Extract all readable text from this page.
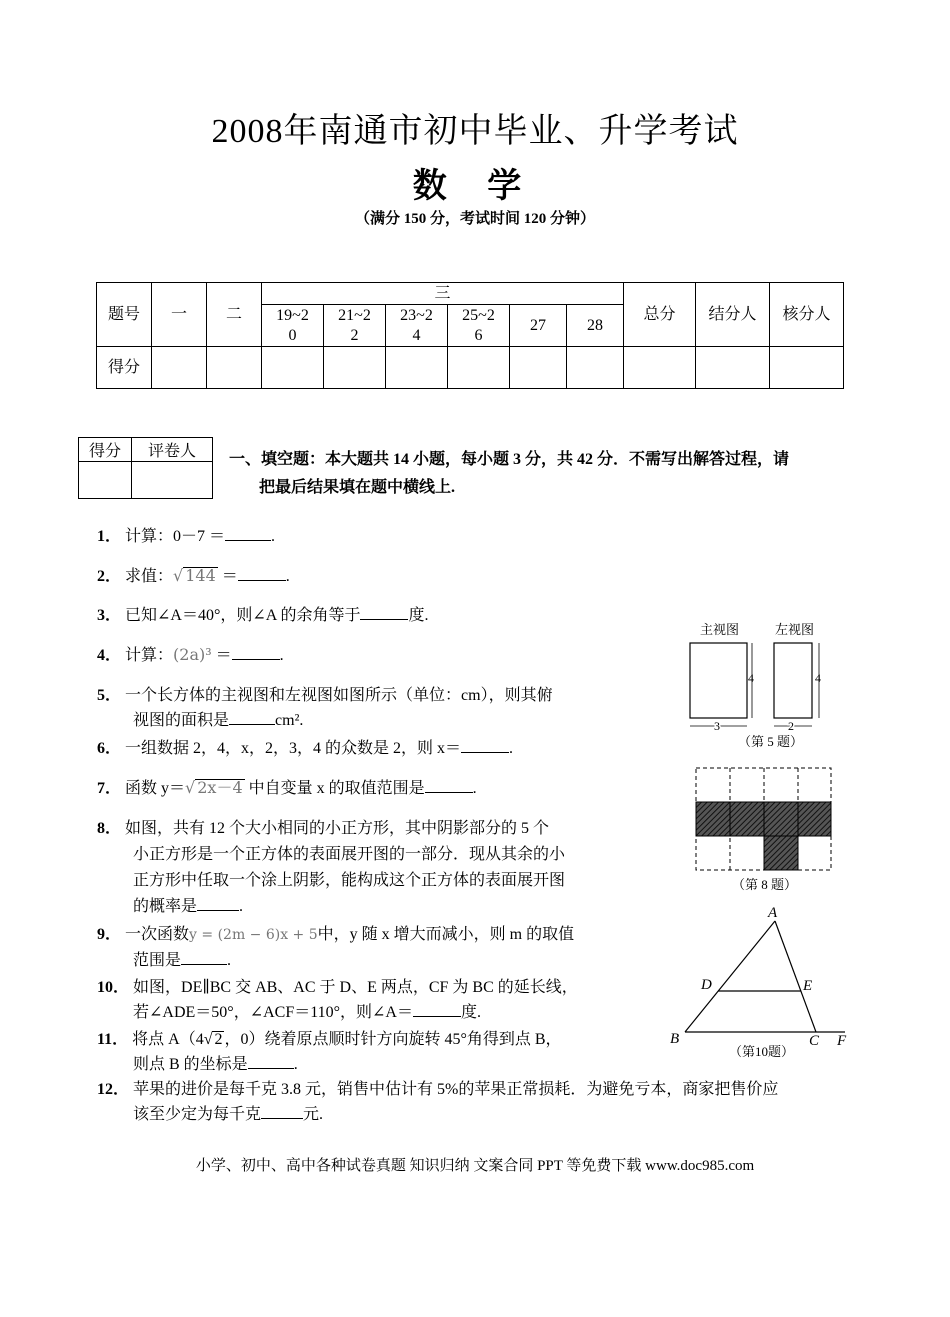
2008年南通市初中毕业、升学考试
数 学
（满分 150 分，考试时间 120 分钟）
题号	一	二	三						总分	结分人	核分人

			19~20	21~22	23~24	25~26	27	28			
得分											
得分	评卷人
	一、填空题：本大题共 14 小题，每小题 3 分，共 42 分．不需写出解答过程，请
把最后结果填在题中横线上.
1． 计算：0－7 ＝	.
2． 求值：√ 144 ＝	.
3． 已知∠A＝40°，则∠A 的余角等于	度.
4． 计算：(2a)³ ＝	.
5． 一个长方体的主视图和左视图如图所示（单位：cm），则其俯
视图的面积是	cm².
6． 一组数据 2，4，x，2，3，4 的众数是 2，则 x＝	.
7． 函数 y＝√ 2x－4 中自变量 x 的取值范围是	.
8． 如图，共有 12 个大小相同的小正方形，其中阴影部分的 5 个
小正方形是一个正方体的表面展开图的一部分．现从其余的小
正方形中任取一个涂上阴影，能构成这个正方体的表面展开图
的概率是	.
9． 一次函数y = (2m − 6)x + 5中，y 随 x 增大而减小，则 m 的取值
范围是	.
10． 如图，DE∥BC 交 AB、AC 于 D、E 两点，CF 为 BC 的延长线，
若∠ADE＝50°，∠ACF＝110°，则∠A＝	度.
11． 将点 A（4√ 2 ，0）绕着原点顺时针方向旋转 45°角得到点 B，
则点 B 的坐标是	.
12． 苹果的进价是每千克 3.8 元，销售中估计有 5%的苹果正常损耗．为避免亏本，商家把售价应
该至少定为每千克	元.
主视图	左视图
4	4
3	2
（第 5 题）
（第 8 题）
A
D	E
B	C F
（第10题）
小学、初中、高中各种试卷真题 知识归纳 文案合同 PPT 等免费下载 www.doc985.com
